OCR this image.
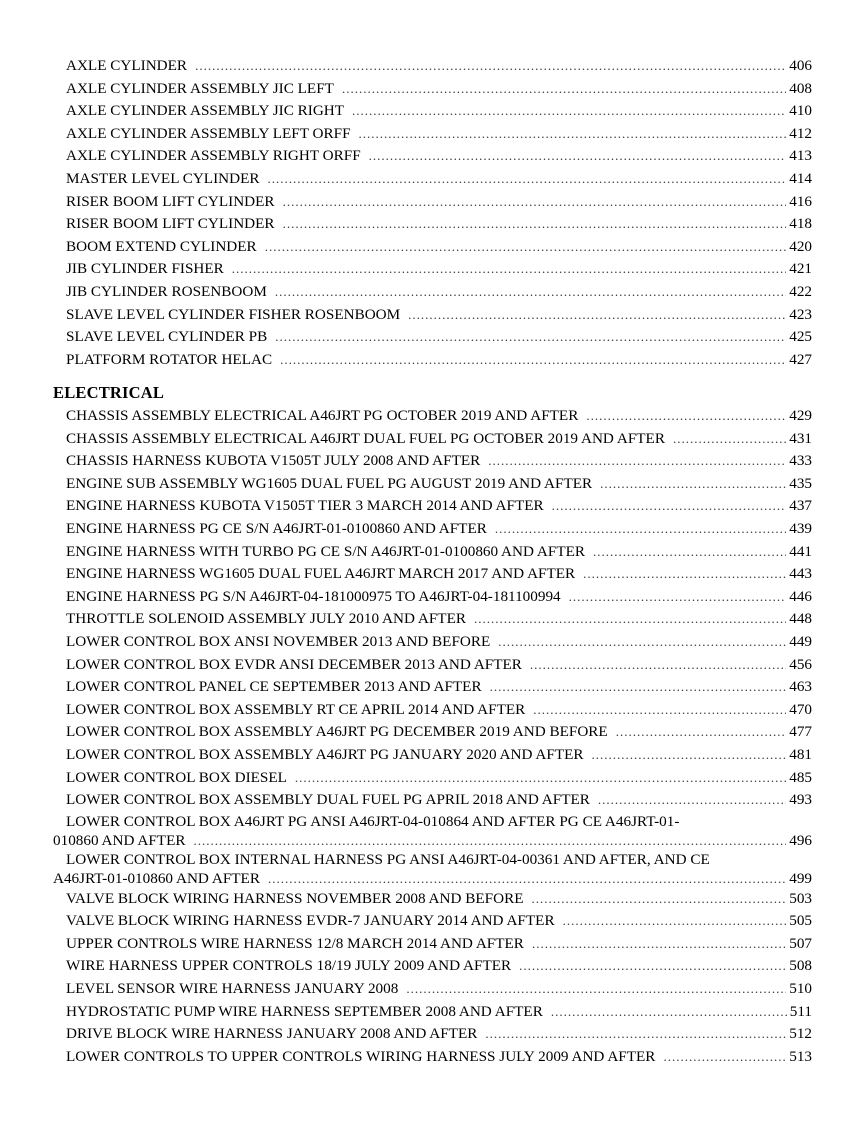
AXLE CYLINDER .....	406
AXLE CYLINDER ASSEMBLY JIC LEFT .....	408
AXLE CYLINDER ASSEMBLY JIC RIGHT .....	410
AXLE CYLINDER ASSEMBLY LEFT ORFF .....	412
AXLE CYLINDER ASSEMBLY RIGHT ORFF .....	413
MASTER LEVEL CYLINDER .....	414
RISER BOOM LIFT CYLINDER .....	416
RISER BOOM LIFT CYLINDER .....	418
BOOM EXTEND CYLINDER .....	420
JIB CYLINDER FISHER .....	421
JIB CYLINDER ROSENBOOM .....	422
SLAVE LEVEL CYLINDER FISHER ROSENBOOM .....	423
SLAVE LEVEL CYLINDER PB .....	425
PLATFORM ROTATOR HELAC .....	427
ELECTRICAL
CHASSIS ASSEMBLY ELECTRICAL A46JRT PG OCTOBER 2019 AND AFTER .....	429
CHASSIS ASSEMBLY ELECTRICAL A46JRT DUAL FUEL PG OCTOBER 2019 AND AFTER .....	431
CHASSIS HARNESS KUBOTA V1505T JULY 2008 AND AFTER .....	433
ENGINE SUB ASSEMBLY WG1605 DUAL FUEL PG AUGUST 2019 AND AFTER .....	435
ENGINE HARNESS KUBOTA V1505T TIER 3 MARCH 2014 AND AFTER .....	437
ENGINE HARNESS PG CE S/N A46JRT-01-0100860 AND AFTER .....	439
ENGINE HARNESS WITH TURBO PG CE S/N A46JRT-01-0100860 AND AFTER .....	441
ENGINE HARNESS WG1605 DUAL FUEL A46JRT MARCH 2017 AND AFTER .....	443
ENGINE HARNESS PG S/N A46JRT-04-181000975 TO A46JRT-04-181100994 .....	446
THROTTLE SOLENOID ASSEMBLY JULY 2010 AND AFTER .....	448
LOWER CONTROL BOX ANSI NOVEMBER 2013 AND BEFORE .....	449
LOWER CONTROL BOX EVDR ANSI DECEMBER 2013 AND AFTER .....	456
LOWER CONTROL PANEL CE SEPTEMBER 2013 AND AFTER .....	463
LOWER CONTROL BOX ASSEMBLY RT CE APRIL 2014 AND AFTER .....	470
LOWER CONTROL BOX ASSEMBLY A46JRT PG DECEMBER 2019 AND BEFORE .....	477
LOWER CONTROL BOX ASSEMBLY A46JRT PG JANUARY 2020 AND AFTER .....	481
LOWER CONTROL BOX DIESEL .....	485
LOWER CONTROL BOX ASSEMBLY DUAL FUEL PG APRIL 2018 AND AFTER .....	493
LOWER CONTROL BOX A46JRT PG ANSI A46JRT-04-010864 AND AFTER PG CE A46JRT-01-
010860 AND AFTER .....	496
LOWER CONTROL BOX INTERNAL HARNESS PG ANSI A46JRT-04-00361 AND AFTER, AND CE
A46JRT-01-010860 AND AFTER .....	499
VALVE BLOCK WIRING HARNESS NOVEMBER 2008 AND BEFORE .....	503
VALVE BLOCK WIRING HARNESS EVDR-7 JANUARY 2014 AND AFTER .....	505
UPPER CONTROLS WIRE HARNESS 12/8 MARCH 2014 AND AFTER .....	507
WIRE HARNESS UPPER CONTROLS 18/19 JULY 2009 AND AFTER .....	508
LEVEL SENSOR WIRE HARNESS JANUARY 2008 .....	510
HYDROSTATIC PUMP WIRE HARNESS SEPTEMBER 2008 AND AFTER .....	511
DRIVE BLOCK WIRE HARNESS JANUARY 2008 AND AFTER .....	512
LOWER CONTROLS TO UPPER CONTROLS WIRING HARNESS JULY 2009 AND AFTER .....	513
